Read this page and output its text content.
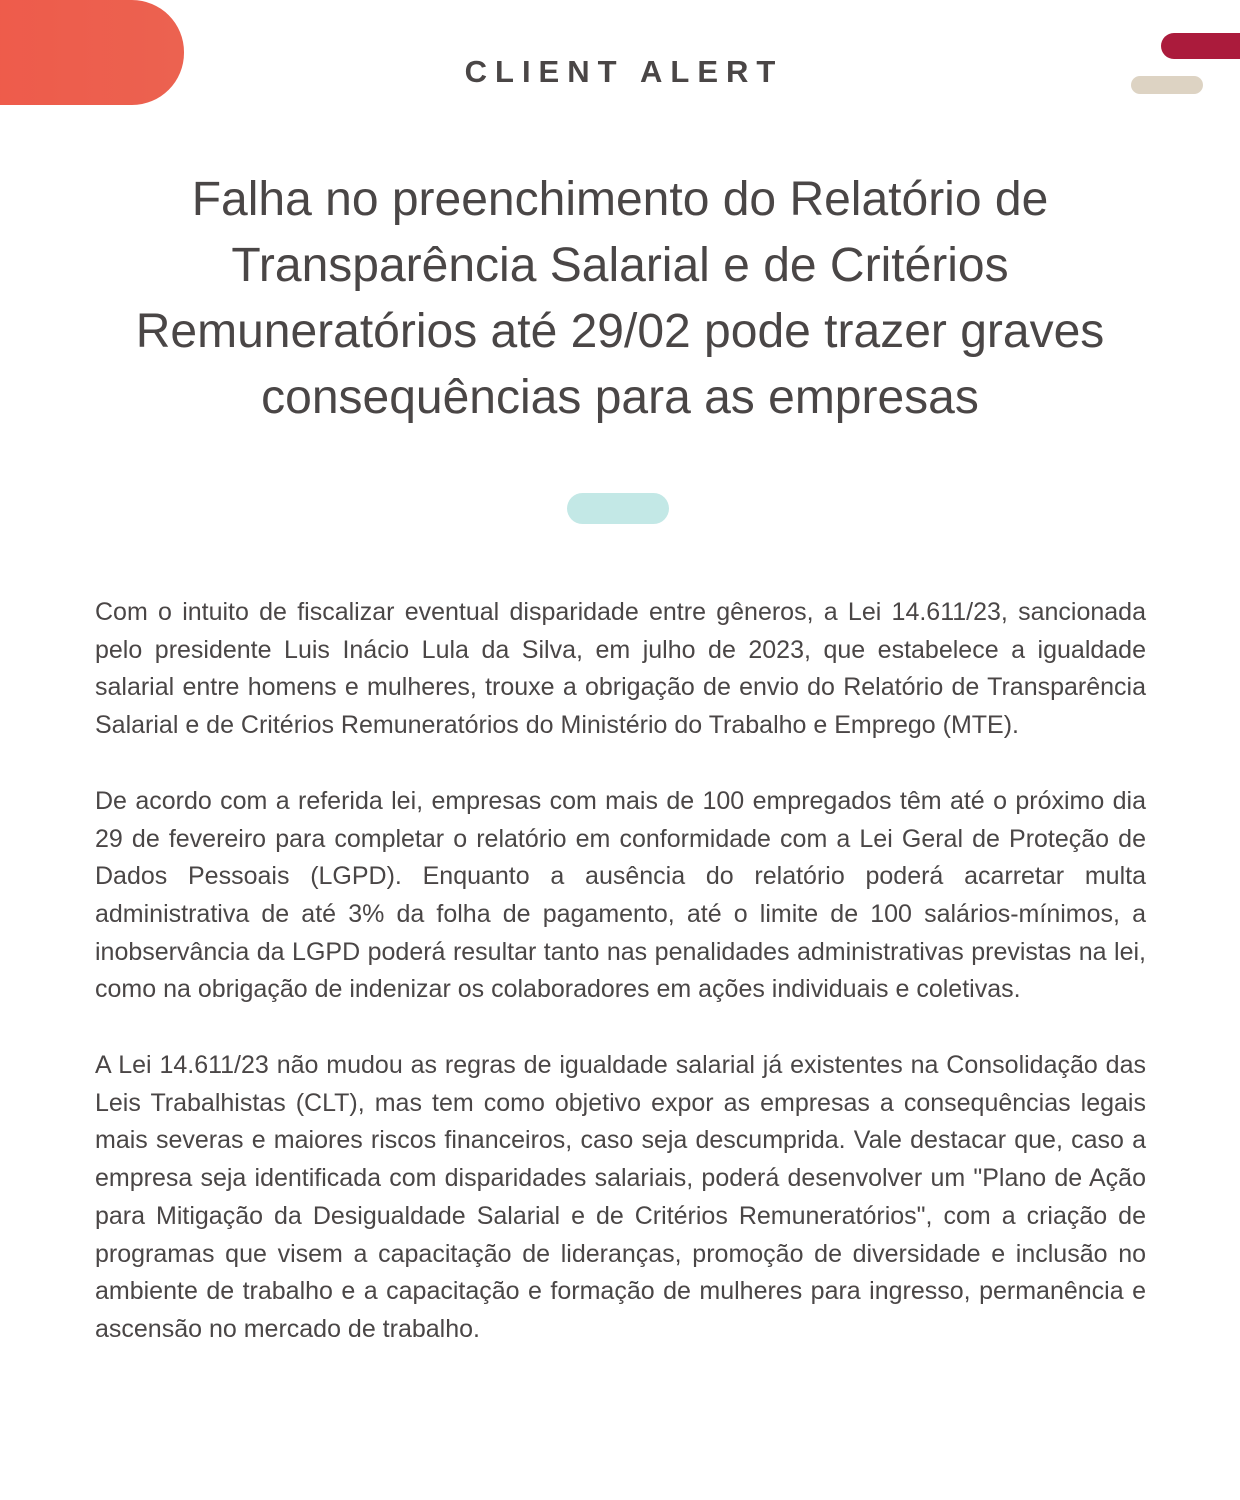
CLIENT ALERT
Falha no preenchimento do Relatório de Transparência Salarial e de Critérios Remuneratórios até 29/02 pode trazer graves consequências para as empresas

Com o intuito de fiscalizar eventual disparidade entre gêneros, a Lei 14.611/23, sancionada pelo presidente Luis Inácio Lula da Silva, em julho de 2023, que estabelece a igualdade salarial entre homens e mulheres, trouxe a obrigação de envio do Relatório de Transparência Salarial e de Critérios Remuneratórios do Ministério do Trabalho e Emprego (MTE).

De acordo com a referida lei, empresas com mais de 100 empregados têm até o próximo dia 29 de fevereiro para completar o relatório em conformidade com a Lei Geral de Proteção de Dados Pessoais (LGPD). Enquanto a ausência do relatório poderá acarretar multa administrativa de até 3% da folha de pagamento, até o limite de 100 salários-mínimos, a inobservância da LGPD poderá resultar tanto nas penalidades administrativas previstas na lei, como na obrigação de indenizar os colaboradores em ações individuais e coletivas.

A Lei 14.611/23 não mudou as regras de igualdade salarial já existentes na Consolidação das Leis Trabalhistas (CLT), mas tem como objetivo expor as empresas a consequências legais mais severas e maiores riscos financeiros, caso seja descumprida. Vale destacar que, caso a empresa seja identificada com disparidades salariais, poderá desenvolver um "Plano de Ação para Mitigação da Desigualdade Salarial e de Critérios Remuneratórios", com a criação de programas que visem a capacitação de lideranças, promoção de diversidade e inclusão no ambiente de trabalho e a capacitação e formação de mulheres para ingresso, permanência e ascensão no mercado de trabalho.
